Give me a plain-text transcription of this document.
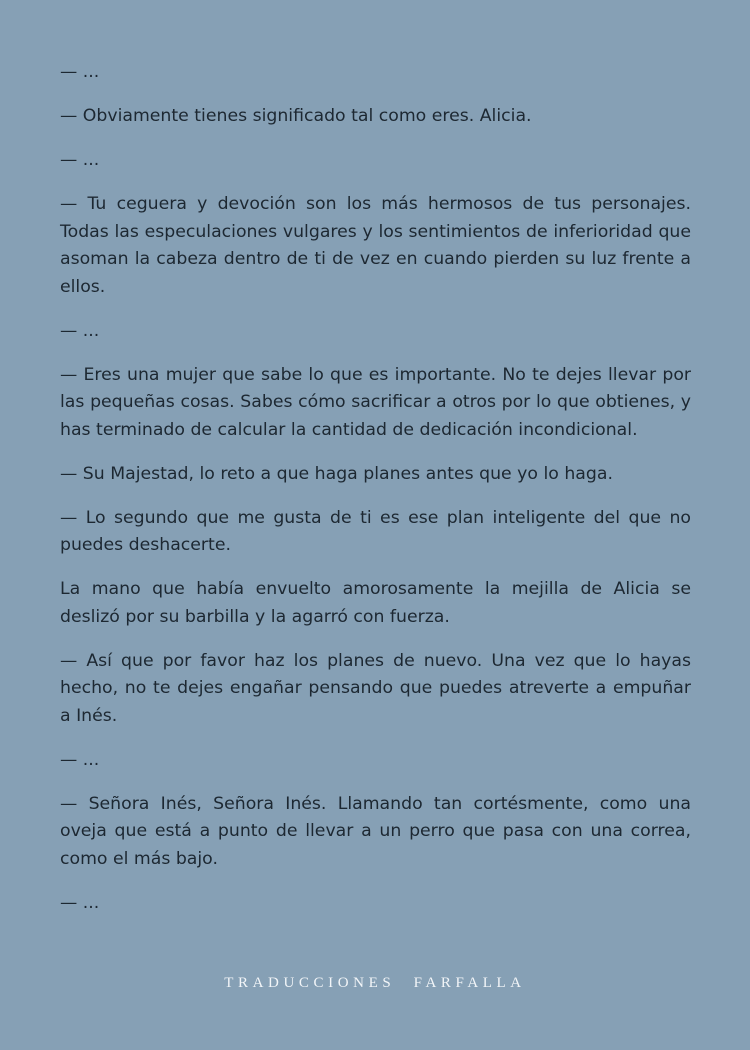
— ...

— Obviamente tienes significado tal como eres. Alicia.

— ...

— Tu ceguera y devoción son los más hermosos de tus personajes. Todas las especulaciones vulgares y los sentimientos de inferioridad que asoman la cabeza dentro de ti de vez en cuando pierden su luz frente a ellos.

— ...

— Eres una mujer que sabe lo que es importante. No te dejes llevar por las pequeñas cosas. Sabes cómo sacrificar a otros por lo que obtienes, y has terminado de calcular la cantidad de dedicación incondicional.

— Su Majestad, lo reto a que haga planes antes que yo lo haga.

— Lo segundo que me gusta de ti es ese plan inteligente del que no puedes deshacerte.

La mano que había envuelto amorosamente la mejilla de Alicia se deslizó por su barbilla y la agarró con fuerza.

— Así que por favor haz los planes de nuevo. Una vez que lo hayas hecho, no te dejes engañar pensando que puedes atreverte a empuñar a Inés.

— ...

— Señora Inés, Señora Inés. Llamando tan cortésmente, como una oveja que está a punto de llevar a un perro que pasa con una correa, como el más bajo.

— ...

TRADUCCIONES FARFALLA
